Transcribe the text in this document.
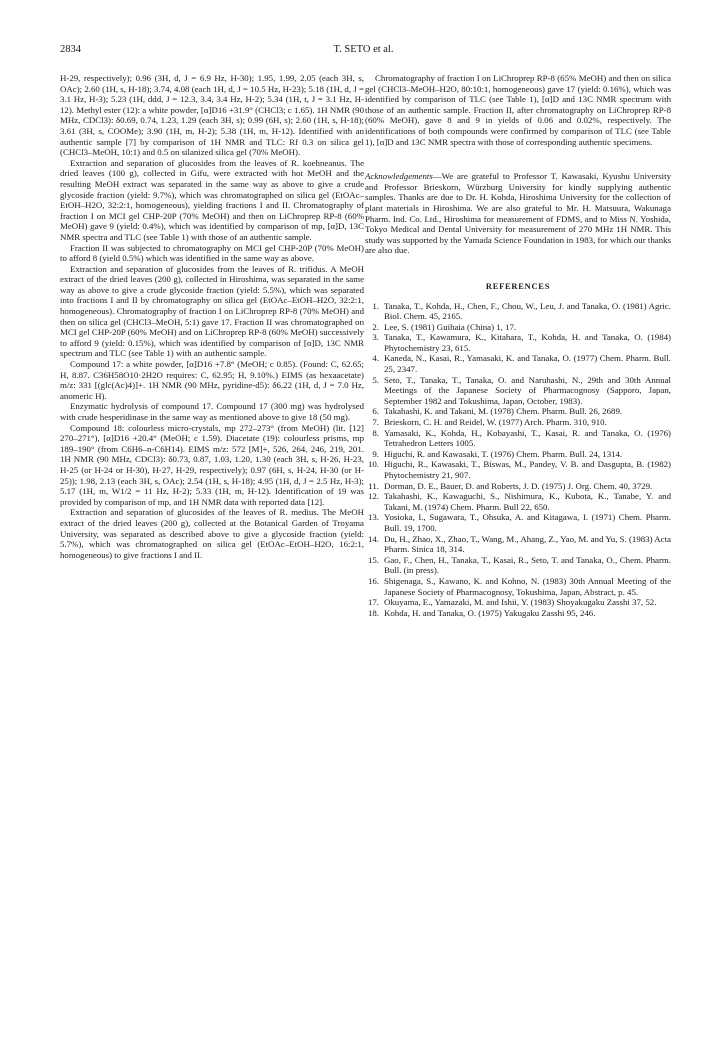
2834	T. SETO et al.

H-29, respectively); 0.96 (3H, d, J = 6.9 Hz, H-30); 1.95, 1.99, 2.05 (each 3H, s, OAc); 2.60 (1H, s, H-18); 3.74, 4.08 (each 1H, d, J = 10.5 Hz, H-23); 5.18 (1H, d, J = 3.1 Hz, H-3); 5.23 (1H, ddd, J = 12.3, 3.4, 3.4 Hz, H-2); 5.34 (1H, t, J = 3.1 Hz, H-12). Methyl ester (12): a white powder, [α]D16 +31.9° (CHCl3; c 1.65). 1H NMR (90 MHz, CDCl3): δ0.69, 0.74, 1.23, 1.29 (each 3H, s); 0.99 (6H, s); 2.60 (1H, s, H-18); 3.61 (3H, s, COOMe); 3.90 (1H, m, H-2); 5.38 (1H, m, H-12). Identified with an authentic sample [7] by comparison of 1H NMR and TLC: Rf 0.3 on silica gel (CHCl3–MeOH, 10:1) and 0.5 on silanized silica gel (70% MeOH).

Extraction and separation of glucosides from the leaves of R. koehneanus. The dried leaves (100 g), collected in Gifu, were extracted with hot MeOH and the resulting MeOH extract was separated in the same way as above to give a crude glycoside fraction (yield: 9.7%), which was chromatographed on silica gel (EtOAc–EtOH–H2O, 32:2:1, homogeneous), yielding fractions I and II. Chromatography of fraction I on MCI gel CHP-20P (70% MeOH) and then on LiChroprep RP-8 (60% MeOH) gave 9 (yield: 0.4%), which was identified by comparison of mp, [α]D, 13C NMR spectra and TLC (see Table 1) with those of an authentic sample.

Fraction II was subjected to chromatography on MCI gel CHP-20P (70% MeOH) to afford 8 (yield 0.5%) which was identified in the same way as above.

Extraction and separation of glucosides from the leaves of R. trifidus. A MeOH extract of the dried leaves (200 g), collected in Hiroshima, was separated in the same way as above to give a crude glycoside fraction (yield: 5.5%), which was separated into fractions I and II by chromatography on silica gel (EtOAc–EtOH–H2O, 32:2:1, homogeneous). Chromatography of fraction I on LiChroprep RP-8 (70% MeOH) and then on silica gel (CHCl3–MeOH, 5:1) gave 17. Fraction II was chromatographed on MCI gel CHP-20P (60% MeOH) and on LiChroprep RP-8 (60% MeOH) successively to afford 9 (yield: 0.15%), which was identified by comparison of [α]D, 13C NMR spectrum and TLC (see Table 1) with an authentic sample.

Compound 17: a white powder, [α]D16 +7.8° (MeOH; c 0.85). (Found: C, 62.65; H, 8.87. C36H58O10·2H2O requires: C, 62.95; H, 9.10%.) EIMS (as hexaacetate) m/z: 331 [(glc(Ac)4)]+. 1H NMR (90 MHz, pyridine-d5): δ6.22 (1H, d, J = 7.0 Hz, anomeric H).

Enzymatic hydrolysis of compound 17. Compound 17 (300 mg) was hydrolysed with crude hesperidinase in the same way as mentioned above to give 18 (50 mg).

Compound 18: colourless micro-crystals, mp 272–273° (from MeOH) (lit. [12] 270–271°), [α]D16 +20.4° (MeOH; c 1.59). Diacetate (19): colourless prisms, mp 189–190° (from C6H6–n-C6H14). EIMS m/z: 572 [M]+, 526, 264, 246, 219, 201. 1H NMR (90 MHz, CDCl3): δ0.73, 0.87, 1.03, 1.20, 1.30 (each 3H, s, H-26, H-23, H-25 (or H-24 or H-30), H-27, H-29, respectively); 0.97 (6H, s, H-24, H-30 (or H-25)); 1.98, 2.13 (each 3H, s, OAc); 2.54 (1H, s, H-18); 4.95 (1H, d, J = 2.5 Hz, H-3); 5.17 (1H, m, W1/2 = 11 Hz, H-2); 5.33 (1H, m, H-12). Identification of 19 was provided by comparison of mp, and 1H NMR data with reported data [12].

Extraction and separation of glucosides of the leaves of R. medius. The MeOH extract of the dried leaves (200 g), collected at the Botanical Garden of Troyama University, was separated as described above to give a glycoside fraction (yield: 5.7%), which was chromatographed on silica gel (EtOAc–EtOH–H2O, 16:2:1, homogeneous) to give fractions I and II.

Chromatography of fraction I on LiChroprep RP-8 (65% MeOH) and then on silica gel (CHCl3–MeOH–H2O, 80:10:1, homogeneous) gave 17 (yield: 0.16%), which was identified by comparison of TLC (see Table 1), [α]D and 13C NMR spectrum with those of an authentic sample. Fraction II, after chromatography on LiChroprep RP-8 (60% MeOH), gave 8 and 9 in yields of 0.06 and 0.02%, respectively. The identifications of both compounds were confirmed by comparison of TLC (see Table 1), [α]D and 13C NMR spectra with those of corresponding authentic specimens.

Acknowledgements—We are grateful to Professor T. Kawasaki, Kyushu University and Professor Brieskorn, Würzburg University for kindly supplying authentic samples. Thanks are due to Dr. H. Kohda, Hiroshima University for the collection of plant materials in Hiroshima. We are also grateful to Mr. H. Matsuura, Wakunaga Pharm. Ind. Co. Ltd., Hiroshima for measurement of FDMS, and to Miss N. Yoshida, Tokyo Medical and Dental University for measurement of 270 MHz 1H NMR. This study was supported by the Yamada Science Foundation in 1983, for which our thanks are also due.

REFERENCES
1. Tanaka, T., Kohda, H., Chen, F., Chou, W., Leu, J. and Tanaka, O. (1981) Agric. Biol. Chem. 45, 2165.
2. Lee, S. (1981) Guihaia (China) 1, 17.
3. Tanaka, T., Kawamura, K., Kitahara, T., Kohda, H. and Tanaka, O. (1984) Phytochemistry 23, 615.
4. Kaneda, N., Kasai, R., Yamasaki, K. and Tanaka, O. (1977) Chem. Pharm. Bull. 25, 2347.
5. Seto, T., Tanaka, T., Tanaka, O. and Naruhashi, N., 29th and 30th Annual Meetings of the Japanese Society of Pharmacognosy (Sapporo, Japan, September 1982 and Tokushima, Japan, October, 1983).
6. Takahashi, K. and Takani, M. (1978) Chem. Pharm. Bull. 26, 2689.
7. Brieskorn, C. H. and Reidel, W. (1977) Arch. Pharm. 310, 910.
8. Yamasaki, K., Kohda, H., Kobayashi, T., Kasai, R. and Tanaka, O. (1976) Tetrahedron Letters 1005.
9. Higuchi, R. and Kawasaki, T. (1976) Chem. Pharm. Bull. 24, 1314.
10. Higuchi, R., Kawasaki, T., Biswas, M., Pandey, V. B. and Dasgupta, B. (1982) Phytochemistry 21, 907.
11. Dorman, D. E., Bauer, D. and Roberts, J. D. (1975) J. Org. Chem. 40, 3729.
12. Takahashi, K., Kawaguchi, S., Nishimura, K., Kubota, K., Tanabe, Y. and Takani, M. (1974) Chem. Pharm. Bull 22, 650.
13. Yosioka, I., Sugawara, T., Ohsuka, A. and Kitagawa, I. (1971) Chem. Pharm. Bull. 19, 1700.
14. Du, H., Zhao, X., Zhao, T., Wang, M., Ahang, Z., Yao, M. and Yu, S. (1983) Acta Pharm. Sinica 18, 314.
15. Gao, F., Chen, H., Tanaka, T., Kasai, R., Seto, T. and Tanaka, O., Chem. Pharm. Bull. (in press).
16. Shigenaga, S., Kawano, K. and Kohno, N. (1983) 30th Annual Meeting of the Japanese Society of Pharmacognosy, Tokushima, Japan, Abstract, p. 45.
17. Okuyama, E., Yamazaki, M. and Ishii, Y. (1983) Shoyakugaku Zasshi 37, 52.
18. Kohda, H. and Tanaka, O. (1975) Yakugaku Zasshi 95, 246.
